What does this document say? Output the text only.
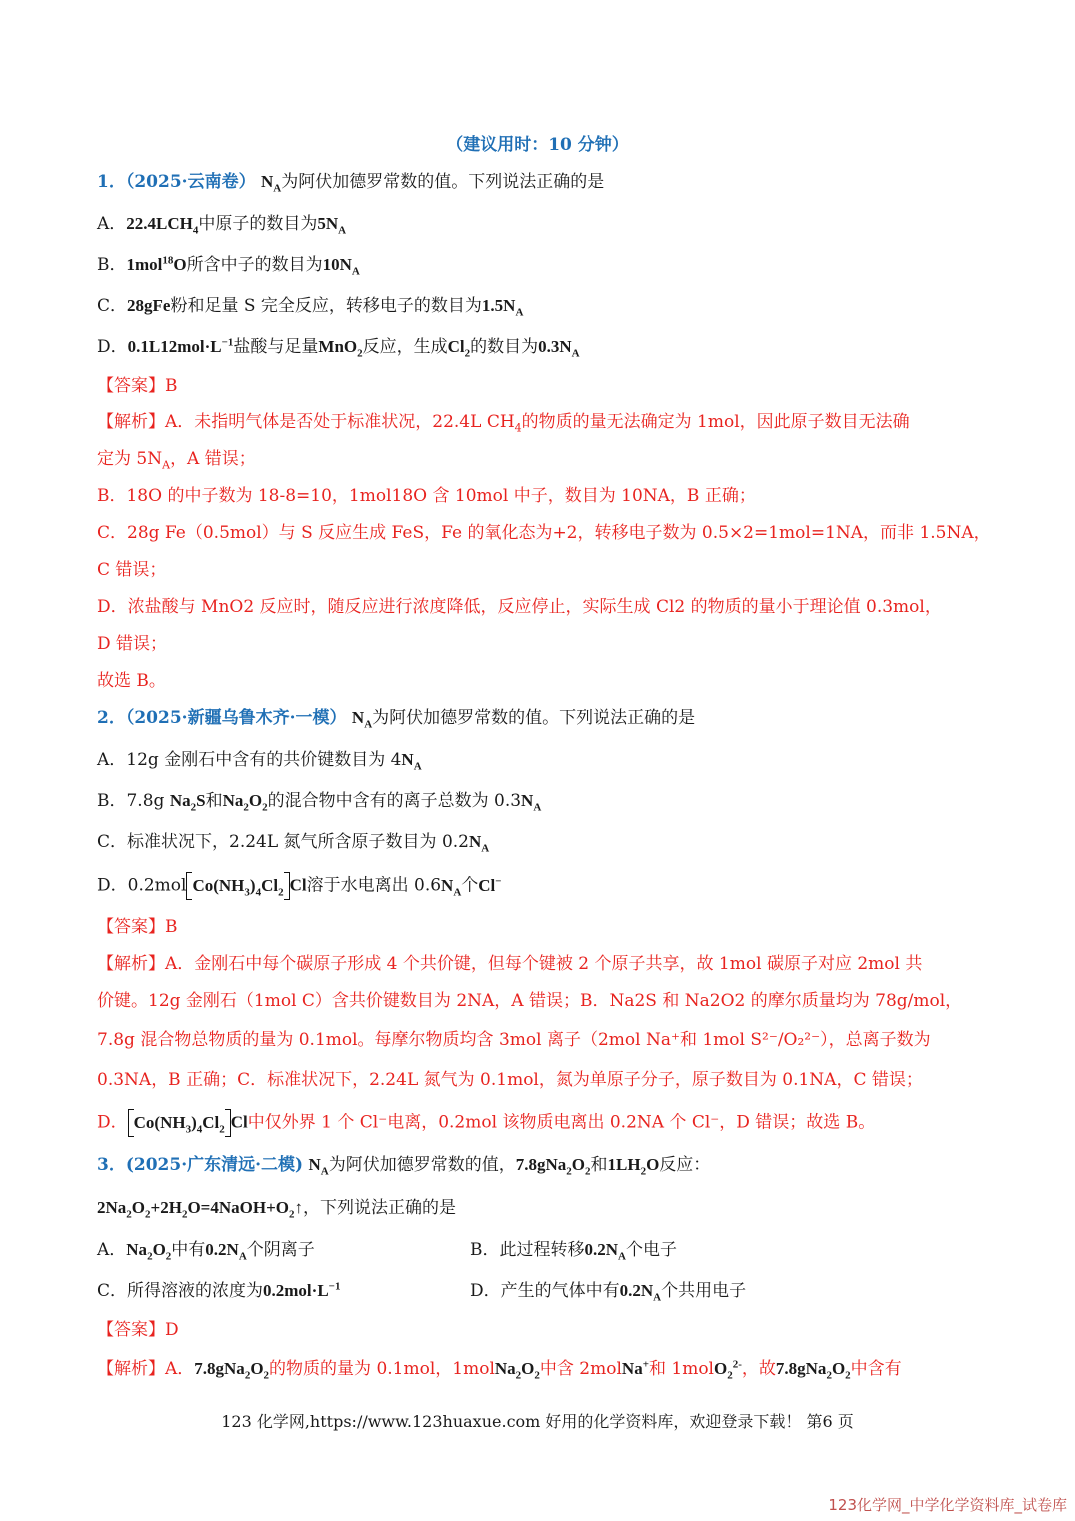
（建议用时：10 分钟）
1．（2025·云南卷） $N_A$为阿伏加德罗常数的值。下列说法正确的是
A．$22.4LCH_4$中原子的数目为$5N_A$
B．1mol$^{18}$O所含中子的数目为$10N_A$
C．28gFe粉和足量 S 完全反应，转移电子的数目为$1.5N_A$
D．$0.1L12mol\cdot L^{-1}$盐酸与足量MnO$_2$反应，生成$Cl_2$的数目为$0.3N_A$
【答案】B
【解析】A．未指明气体是否处于标准状况，22.4L $CH_4$的物质的量无法确定为 1mol，因此原子数目无法确
定为 $5N_A$，A 错误；
B．18O 的中子数为 18-8=10，1mol18O 含 10mol 中子，数目为 10NA，B 正确；
C．28g Fe（0.5mol）与 S 反应生成 FeS，Fe 的氧化态为+2，转移电子数为 0.5×2=1mol=1NA，而非 1.5NA，
C 错误；
D．浓盐酸与 MnO2 反应时，随反应进行浓度降低，反应停止，实际生成 Cl2 的物质的量小于理论值 0.3mol，
D 错误；
故选 B。
2．（2025·新疆乌鲁木齐·一模） $N_A$为阿伏加德罗常数的值。下列说法正确的是
A．12g 金刚石中含有的共价键数目为 $4N_A$
B．7.8g $Na_2S$和$Na_2O_2$的混合物中含有的离子总数为 $0.3N_A$
C．标准状况下，2.24L 氮气所含原子数目为 $0.2N_A$
D．0.2mol $Co(NH_3)_4Cl_2$ Cl溶于水电离出 $0.6N_A$个Cl−
【答案】B
【解析】A．金刚石中每个碳原子形成 4 个共价键，但每个键被 2 个原子共享，故 1mol 碳原子对应 2mol 共
价键。12g 金刚石（1mol C）含共价键数目为 2NA，A 错误；B．Na2S 和 Na2O2 的摩尔质量均为 78g/mol，
7.8g 混合物总物质的量为 0.1mol。每摩尔物质均含 3mol 离子（2mol Na⁺和 1mol S²⁻/O₂²⁻），总离子数为
0.3NA，B 正确；C．标准状况下，2.24L 氮气为 0.1mol，氮为单原子分子，原子数目为 0.1NA，C 错误；
D． $Co(NH_3)_4Cl_2$ Cl中仅外界 1 个 Cl⁻电离，0.2mol 该物质电离出 0.2NA 个 Cl⁻，D 错误；故选 B。
3．(2025·广东清远·二模) $N_A$为阿伏加德罗常数的值，$7.8gNa_2O_2$和$1LH_2O$反应：
$2Na_2O_2+2H_2O=4NaOH+O_2↑$，下列说法正确的是
A．$Na_2O_2$中有$0.2N_A$个阴离子	B．此过程转移$0.2N_A$个电子
C．所得溶液的浓度为$0.2mol\cdot L^{-1}$	D．产生的气体中有$0.2N_A$个共用电子
【答案】D
【解析】A．$7.8gNa_2O_2$的物质的量为 0.1mol，$1molNa_2O_2$中含 2molNa+和 1molO$_2^{2-}$，故$7.8gNa_2O_2$中含有
123 化学网,https://www.123huaxue.com 好用的化学资料库，欢迎登录下载！ 第6 页
123化学网_中学化学资料库_试卷库
